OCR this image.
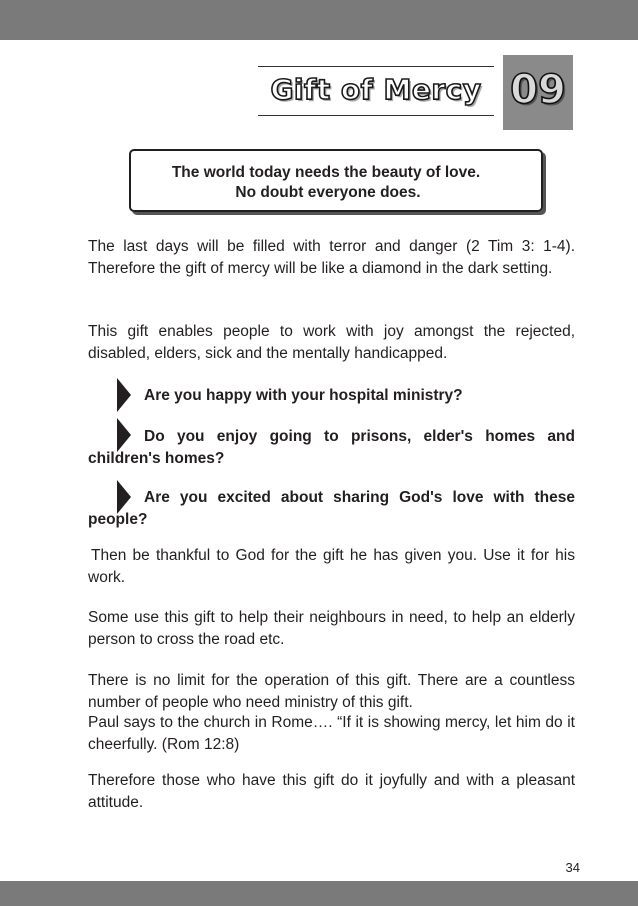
Gift of Mercy 09
The world today needs the beauty of love.
No doubt everyone does.

The last days will be filled with terror and danger (2 Tim 3: 1-4). Therefore the gift of mercy will be like a diamond in the dark setting.

This gift enables people to work with joy amongst the rejected, disabled, elders, sick and the mentally handicapped.

Are you happy with your hospital ministry?

Do you enjoy going to prisons, elder's homes and children's homes?

Are you excited about sharing God's love with these people?

Then be thankful to God for the gift he has given you. Use it for his work.

Some use this gift to help their neighbours in need, to help an elderly person to cross the road etc.

There is no limit for the operation of this gift. There are a countless number of people who need ministry of this gift.

Paul says to the church in Rome…. “If it is showing mercy, let him do it cheerfully. (Rom 12:8)

Therefore those who have this gift do it joyfully and with a pleasant attitude.

34
